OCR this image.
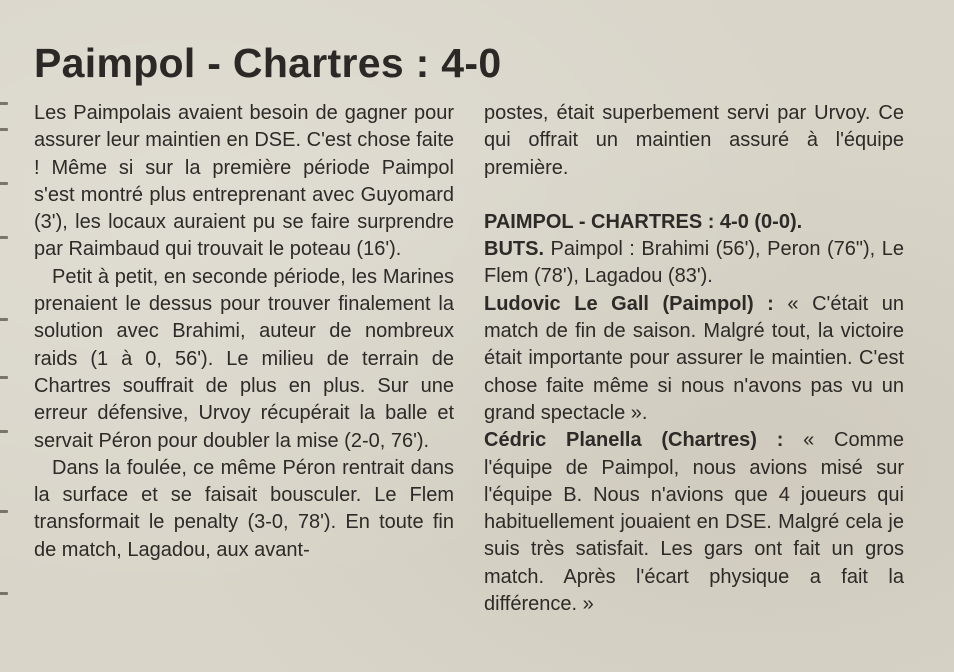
Paimpol - Chartres : 4-0

Les Paimpolais avaient besoin de gagner pour assurer leur maintien en DSE. C'est chose faite ! Même si sur la première période Paimpol s'est montré plus entreprenant avec Guyomard (3'), les locaux auraient pu se faire surprendre par Raimbaud qui trouvait le poteau (16').

Petit à petit, en seconde période, les Marines prenaient le dessus pour trouver finalement la solution avec Brahimi, auteur de nombreux raids (1 à 0, 56'). Le milieu de terrain de Chartres souffrait de plus en plus. Sur une erreur défensive, Urvoy récupérait la balle et servait Péron pour doubler la mise (2-0, 76').

Dans la foulée, ce même Péron rentrait dans la surface et se faisait bousculer. Le Flem transformait le penalty (3-0, 78'). En toute fin de match, Lagadou, aux avant-

postes, était superbement servi par Urvoy. Ce qui offrait un maintien assuré à l'équipe première.

PAIMPOL - CHARTRES : 4-0 (0-0).

BUTS. Paimpol : Brahimi (56'), Peron (76"), Le Flem (78'), Lagadou (83').

Ludovic Le Gall (Paimpol) : « C'était un match de fin de saison. Malgré tout, la victoire était importante pour assurer le maintien. C'est chose faite même si nous n'avons pas vu un grand spectacle ».

Cédric Planella (Chartres) : « Comme l'équipe de Paimpol, nous avions misé sur l'équipe B. Nous n'avions que 4 joueurs qui habituellement jouaient en DSE. Malgré cela je suis très satisfait. Les gars ont fait un gros match. Après l'écart physique a fait la différence. »
